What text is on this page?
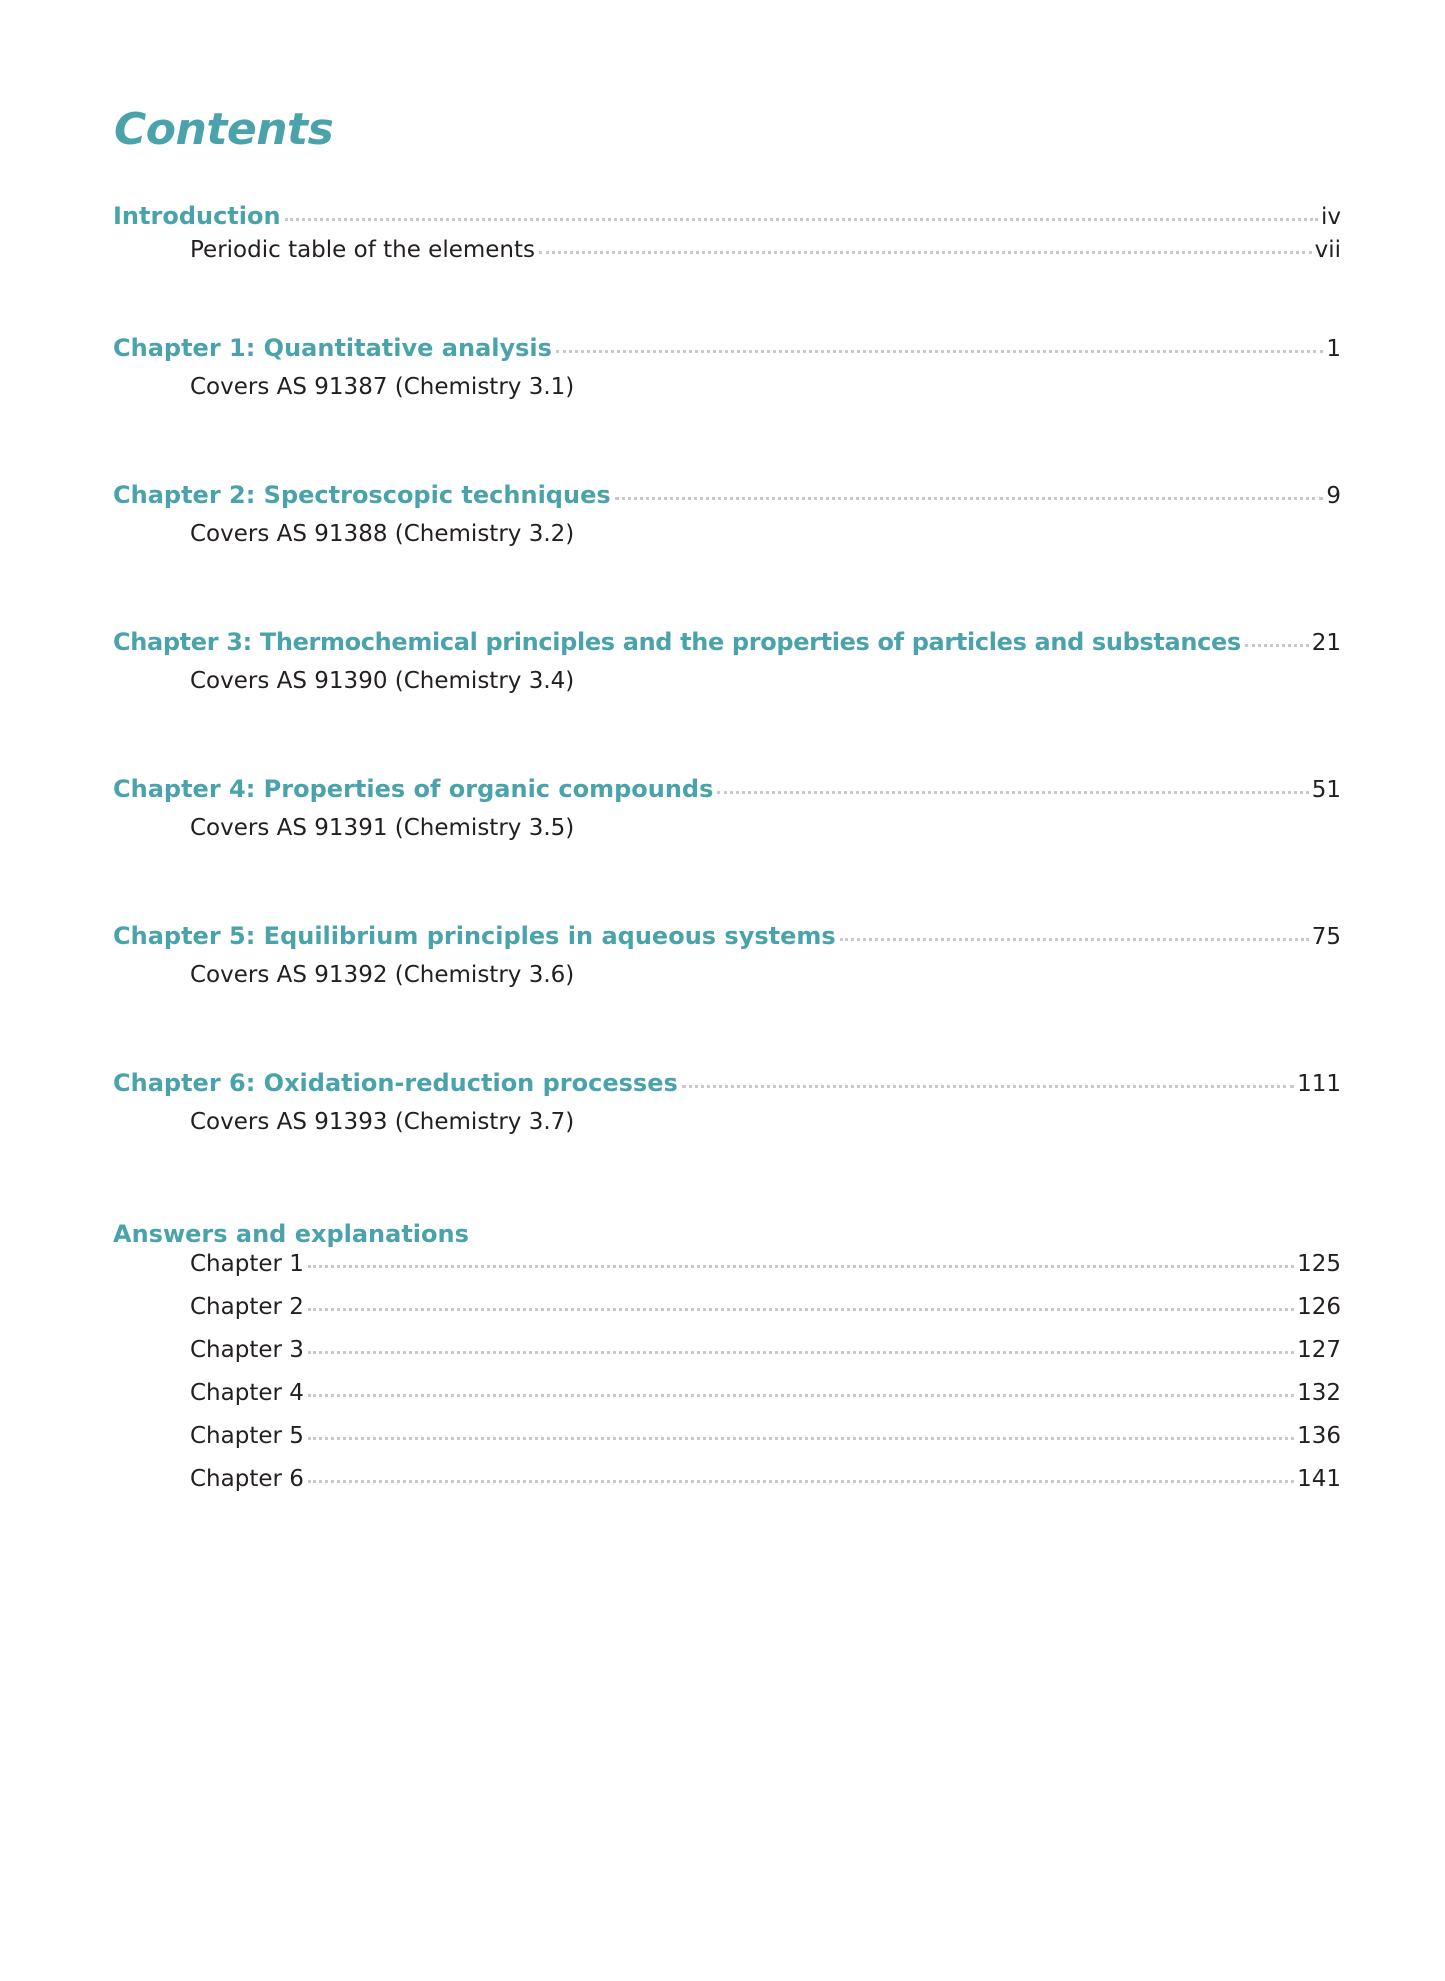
Contents
Introduction	iv
Periodic table of the elements	vii
Chapter 1: Quantitative analysis	1
Covers AS 91387 (Chemistry 3.1)
Chapter 2: Spectroscopic techniques	9
Covers AS 91388 (Chemistry 3.2)
Chapter 3: Thermochemical principles and the properties of particles and substances	21
Covers AS 91390 (Chemistry 3.4)
Chapter 4: Properties of organic compounds	51
Covers AS 91391 (Chemistry 3.5)
Chapter 5: Equilibrium principles in aqueous systems	75
Covers AS 91392 (Chemistry 3.6)
Chapter 6: Oxidation-reduction processes	111
Covers AS 91393 (Chemistry 3.7)
Answers and explanations
Chapter 1	125
Chapter 2	126
Chapter 3	127
Chapter 4	132
Chapter 5	136
Chapter 6	141
